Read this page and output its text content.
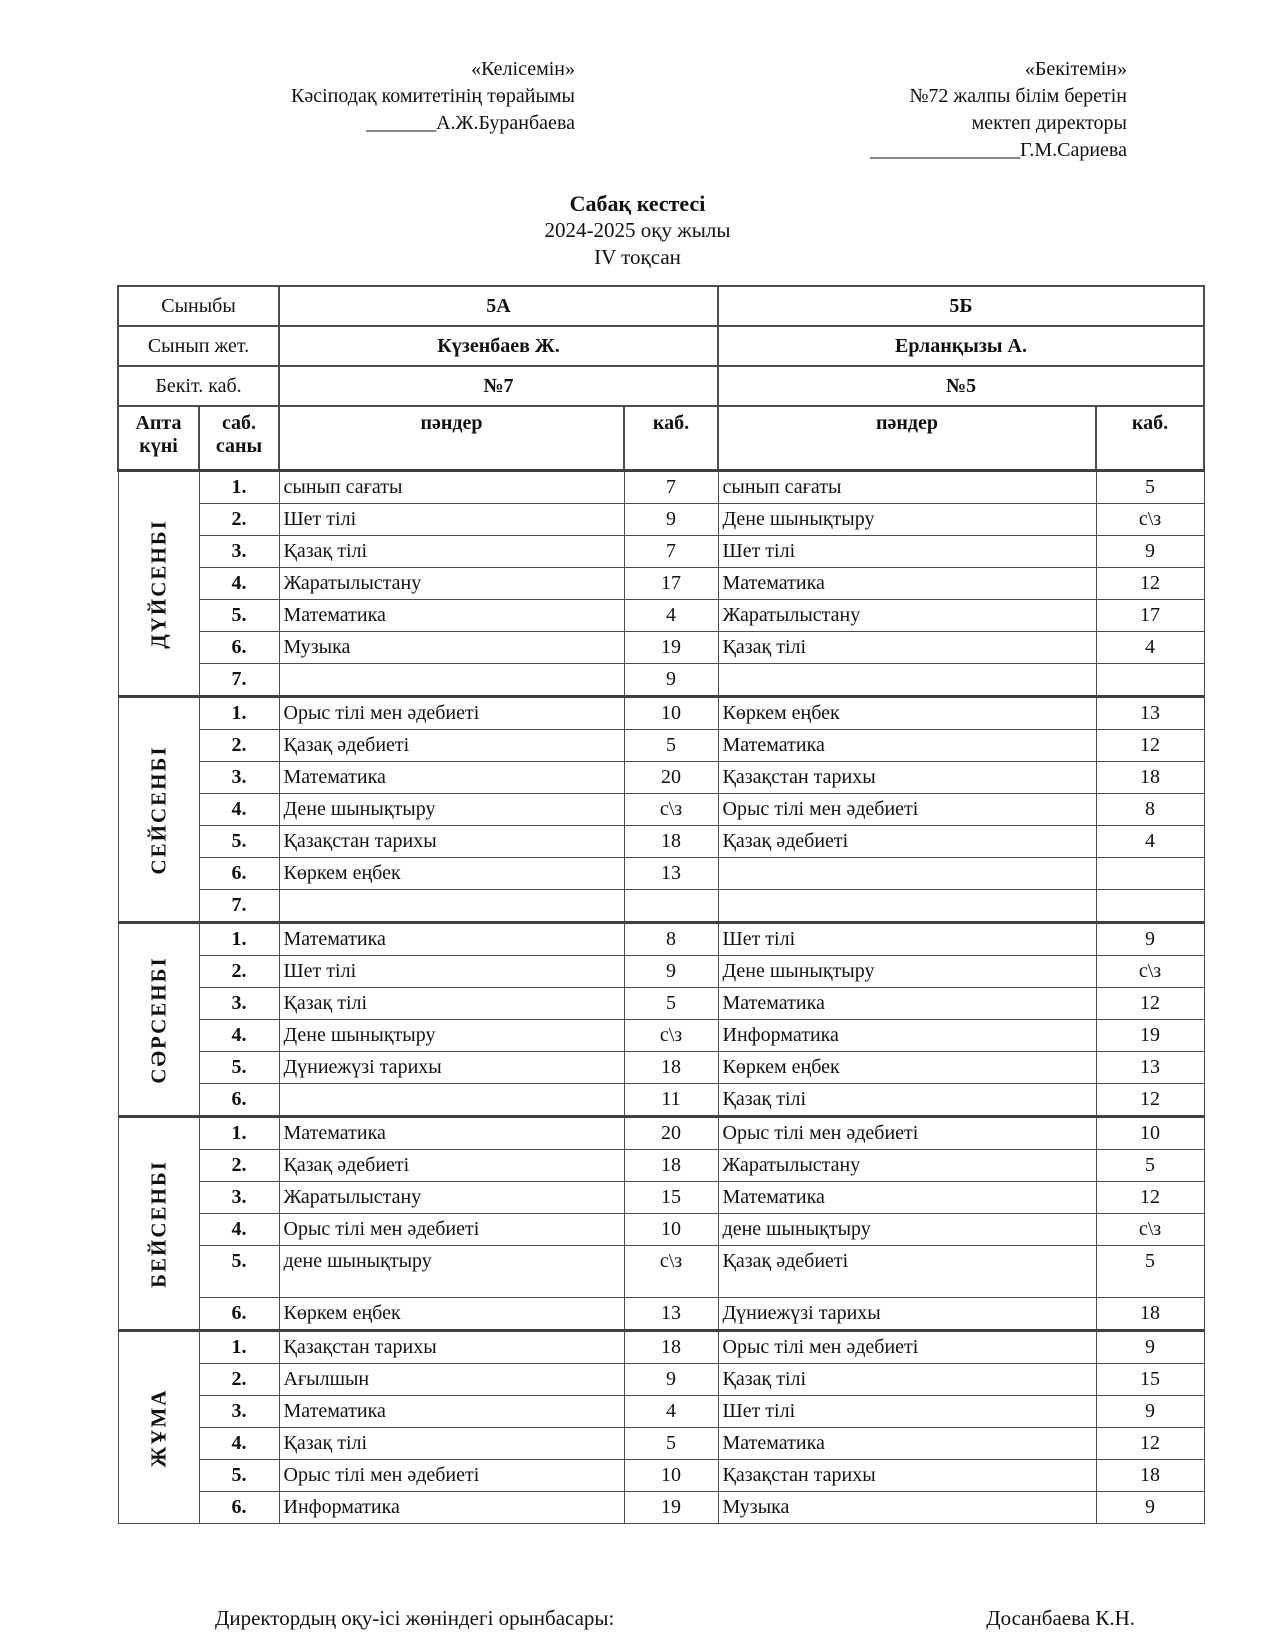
«Келісемін»
Кәсіподақ комитетінің төрайымы
_______А.Ж.Буранбаева
«Бекітемін»
№72 жалпы білім беретін
мектеп директоры
_______________Г.М.Сариева
Сабақ кестесі
2024-2025 оқу жылы
IV тоқсан
Сыныбы		5А		5Б	
Сынып жет.		Күзенбаев Ж.		Ерланқызы А.	
Бекіт. каб.		№7		№5	
Апта күні	саб. саны	пәндер	каб.	пәндер	каб.

ДҮЙСЕНБІ	1.	сынып сағаты	7	сынып сағаты	5
	2.	Шет тілі	9	Дене шынықтыру	с\з
	3.	Қазақ тілі	7	Шет тілі	9
	4.	Жаратылыстану	17	Математика	12
	5.	Математика	4	Жаратылыстану	17
	6.	Музыка	19	Қазақ тілі	4
	7.		9		

СЕЙСЕНБІ	1.	Орыс тілі мен әдебиеті	10	Көркем еңбек	13
	2.	Қазақ әдебиеті	5	Математика	12
	3.	Математика	20	Қазақстан тарихы	18
	4.	Дене шынықтыру	с\з	Орыс тілі мен әдебиеті	8
	5.	Қазақстан тарихы	18	Қазақ әдебиеті	4
	6.	Көркем еңбек	13		
	7.				

СӘРСЕНБІ	1.	Математика	8	Шет тілі	9
	2.	Шет тілі	9	Дене шынықтыру	с\з
	3.	Қазақ тілі	5	Математика	12
	4.	Дене шынықтыру	с\з	Информатика	19
	5.	Дүниежүзі тарихы	18	Көркем еңбек	13
	6.		11	Қазақ тілі	12

БЕЙСЕНБІ	1.	Математика	20	Орыс тілі мен әдебиеті	10
	2.	Қазақ әдебиеті	18	Жаратылыстану	5
	3.	Жаратылыстану	15	Математика	12
	4.	Орыс тілі мен әдебиеті	10	дене шынықтыру	с\з
	5.	дене шынықтыру	с\з	Қазақ әдебиеті	5
	6.	Көркем еңбек	13	Дүниежүзі тарихы	18

ЖҰМА	1.	Қазақстан тарихы	18	Орыс тілі мен әдебиеті	9
	2.	Ағылшын	9	Қазақ тілі	15
	3.	Математика	4	Шет тілі	9
	4.	Қазақ тілі	5	Математика	12
	5.	Орыс тілі мен әдебиеті	10	Қазақстан тарихы	18
	6.	Информатика	19	Музыка	9
Директордың оқу-ісі жөніндегі орынбасары:	Досанбаева К.Н.
